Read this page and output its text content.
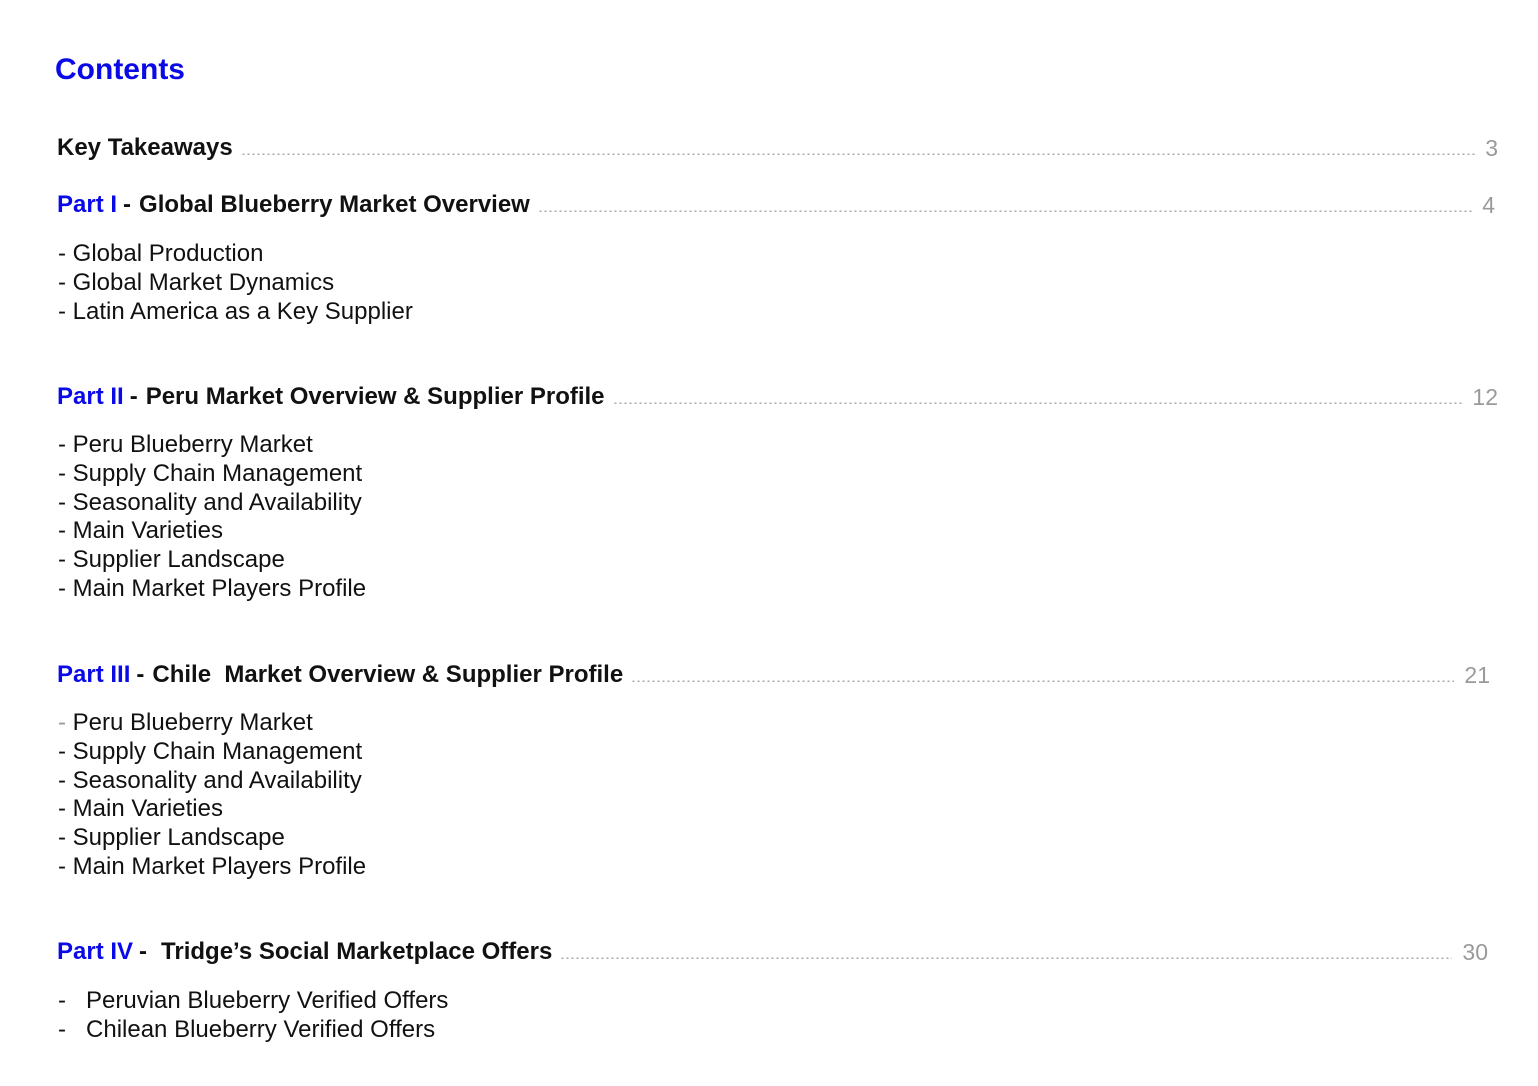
Contents
Key Takeaways	3
Part I - Global Blueberry Market Overview	4
- Global Production
- Global Market Dynamics
- Latin America as a Key Supplier
Part II - Peru Market Overview & Supplier Profile	12
- Peru Blueberry Market
- Supply Chain Management
- Seasonality and Availability
- Main Varieties
- Supplier Landscape
- Main Market Players Profile
Part III - Chile  Market Overview & Supplier Profile	21
- Peru Blueberry Market
- Supply Chain Management
- Seasonality and Availability
- Main Varieties
- Supplier Landscape
- Main Market Players Profile
Part IV - Tridge’s Social Marketplace Offers	30
- Peruvian Blueberry Verified Offers
- Chilean Blueberry Verified Offers
